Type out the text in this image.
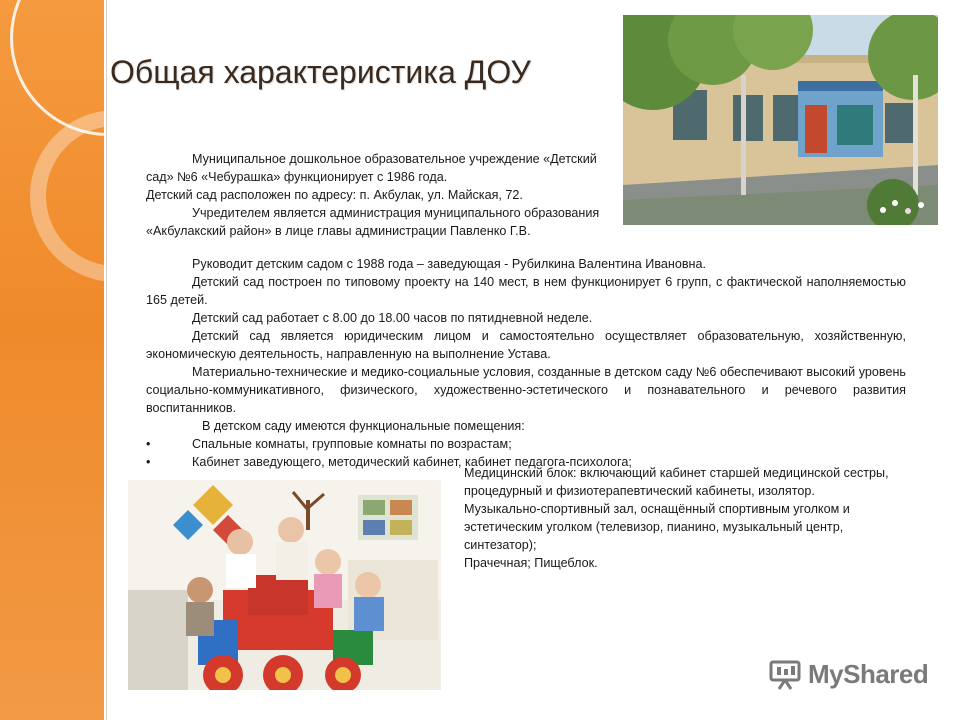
Общая характеристика ДОУ

Муниципальное дошкольное образовательное учреждение «Детский сад» №6 «Чебурашка» функционирует с 1986 года.

Детский сад расположен по адресу: п. Акбулак, ул. Майская, 72.

Учредителем является администрация муниципального образования «Акбулакский район» в лице главы администрации Павленко Г.В.

Руководит детским садом с 1988 года – заведующая - Рубилкина Валентина Ивановна.

Детский сад построен по типовому проекту на 140 мест, в нем функционирует 6 групп, с фактической наполняемостью 165 детей.

Детский сад работает с 8.00 до 18.00 часов по пятидневной неделе.

Детский сад является юридическим лицом и самостоятельно осуществляет образовательную, хозяйственную, экономическую деятельность, направленную на выполнение Устава.

Материально-технические и медико-социальные условия, созданные в детском саду №6 обеспечивают высокий уровень социально-коммуникативного, физического, художественно-эстетического и познавательного и речевого развития воспитанников.

В детском саду имеются функциональные помещения:

•	Спальные комнаты, групповые комнаты по возрастам;
•	Кабинет заведующего, методический кабинет, кабинет педагога-психолога;

Медицинский блок: включающий кабинет старшей медицинской сестры, процедурный и физиотерапевтический кабинеты, изолятор.

Музыкально-спортивный зал, оснащённый спортивным уголком и эстетическим уголком (телевизор, пианино, музыкальный центр, синтезатор);

Прачечная; Пищеблок.

MyShared
